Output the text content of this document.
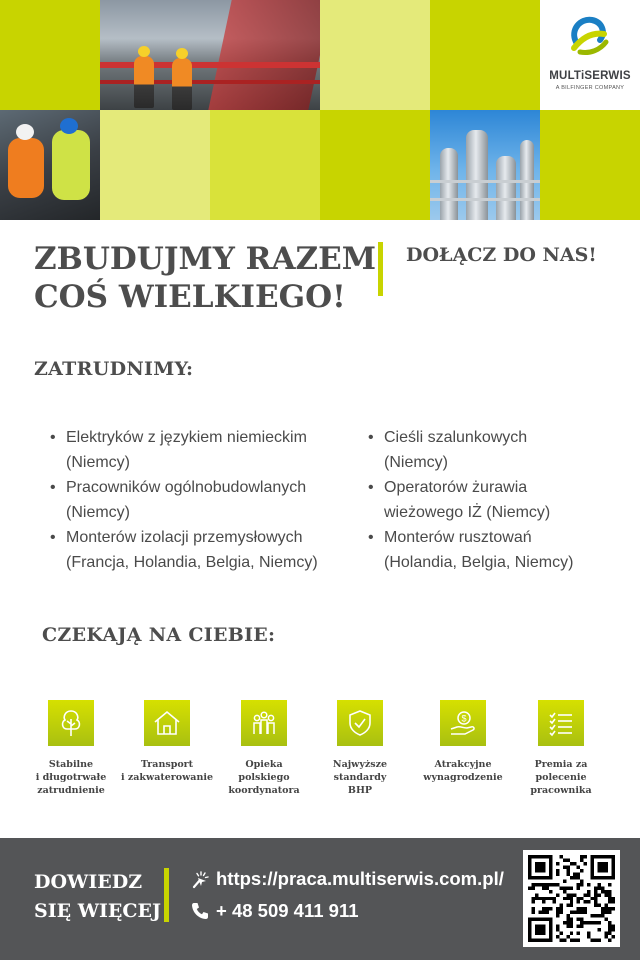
MULTiSERWIS
A BILFINGER COMPANY
ZBUDUJMY RAZEM
COŚ WIELKIEGO!
DOŁĄCZ DO NAS!
ZATRUDNIMY:
• Elektryków z językiem niemieckim
(Niemcy)
• Pracowników ogólnobudowlanych
(Niemcy)
• Monterów izolacji przemysłowych
(Francja, Holandia, Belgia, Niemcy)
• Cieśli szalunkowych
(Niemcy)
• Operatorów żurawia
wieżowego IŻ (Niemcy)
• Monterów rusztowań
(Holandia, Belgia, Niemcy)
CZEKAJĄ NA CIEBIE:
Stabilne
i długotrwałe
zatrudnienie
Transport
i zakwaterowanie
Opieka
polskiego
koordynatora
Najwyższe
standardy
BHP
$
Atrakcyjne
wynagrodzenie
Premia za
polecenie
pracownika
DOWIEDZ
SIĘ WIĘCEJ
https://praca.multiserwis.com.pl/
+ 48 509 411 911
